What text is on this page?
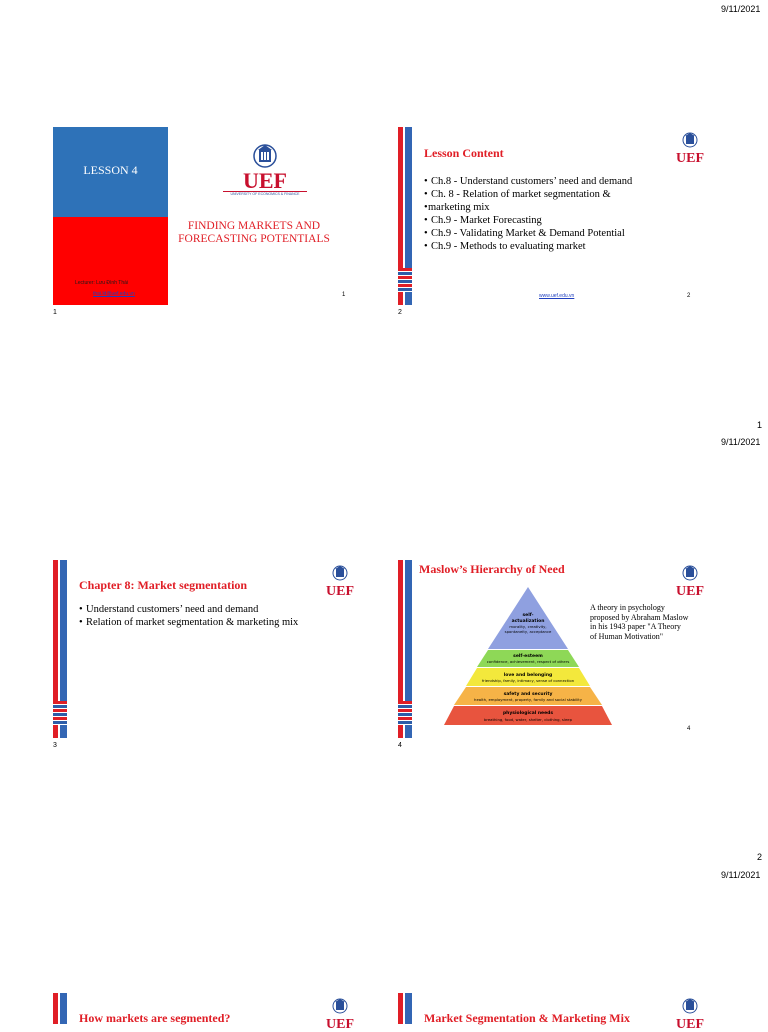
9/11/2021
1
9/11/2021
2
9/11/2021
LESSON 4
Lecturer: Lưu Đình Thái
thai.ld@uef.edu.vn
UEF
UNIVERSITY OF ECONOMICS & FINANCE
FINDING MARKETS AND
FORECASTING POTENTIALS
1
1
Lesson Content	UEF
• Ch.8 - Understand customers’ need and demand
• Ch. 8 - Relation of market segmentation &
• marketing mix
• Ch.9 - Market Forecasting
• Ch.9 - Validating Market & Demand Potential
• Ch.9 - Methods to evaluating market
www.uef.edu.vn	2
2
Chapter 8: Market segmentation	UEF
• Understand customers’ need and demand
• Relation of market segmentation & marketing mix
3
Maslow’s Hierarchy of Need
UEF
self-
actualization
morality, creativity,
spontaneity, acceptance
self-esteem
confidence, achievement, respect of others
love and belonging
friendship, family, intimacy, sense of connection
safety and security
health, employment, property, family and social stability
physiological needs
breathing, food, water, shelter, clothing, sleep
A theory in psychology
proposed by Abraham Maslow
in his 1943 paper "A Theory
of Human Motivation"
4
4
How markets are segmented?	UEF	Market Segmentation & Marketing Mix	UEF
